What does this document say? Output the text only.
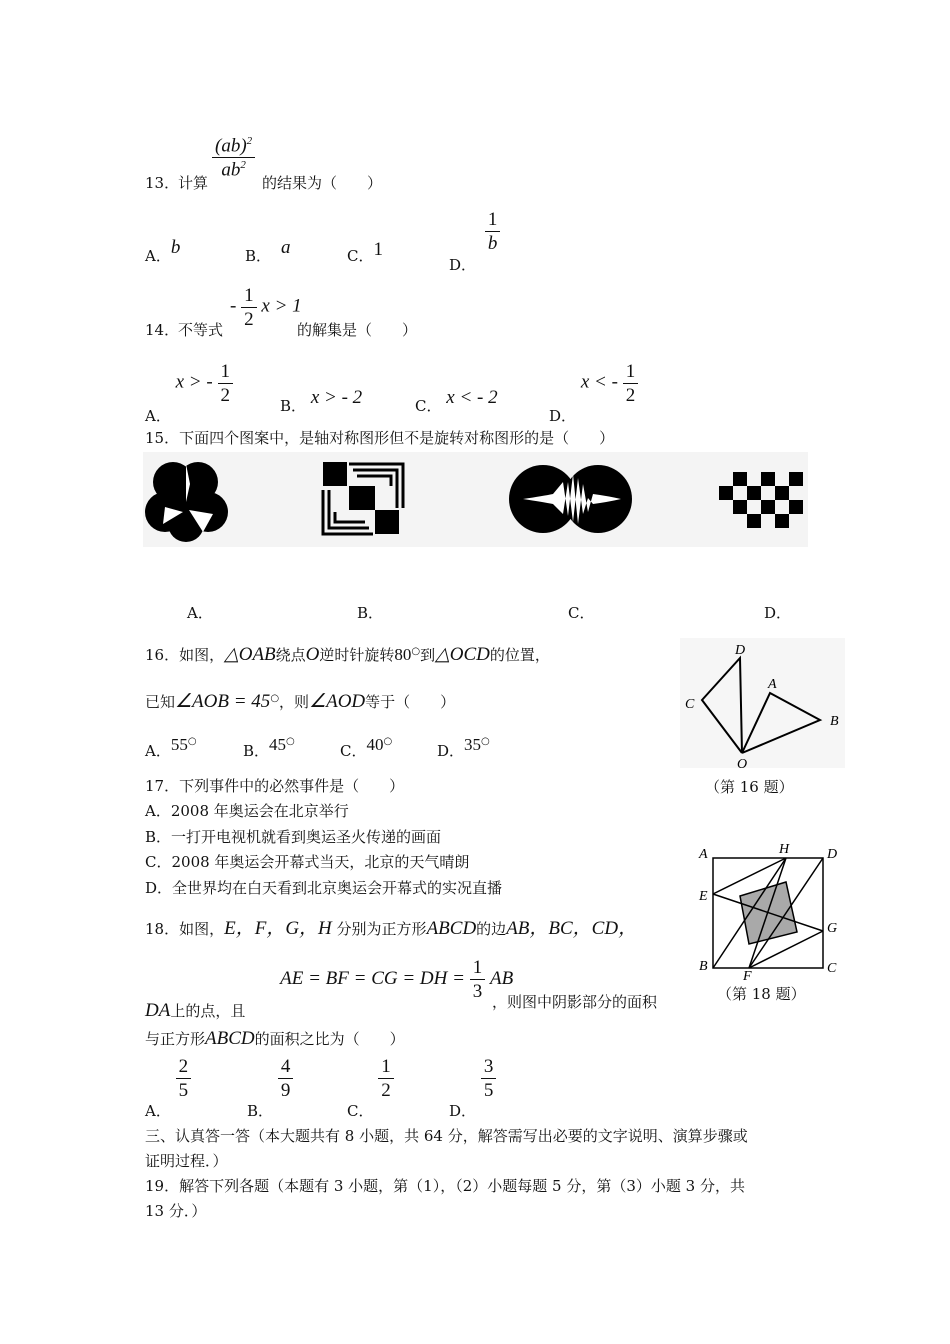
13．
计算
$\frac{(ab)^2}{ab^2}$
的结果为（　　）
A．b	B． a	C．1
D．
$\frac{1}{b}$
14．
不等式
- $\frac{1}{2}$ x > 1
的解集是（　　）
A． x > - $\frac{1}{2}$
B． x > - 2	C． x < - 2
D． x < - $\frac{1}{2}$
15．下面四个图案中，是轴对称图形但不是旋转对称图形的是（　　）
A．	B．	C．	D．
16．如图，△OAB绕点O逆时针旋转80○到△OCD的位置，
已知∠AOB = 45○，则∠AOD等于（　　）
A．55○
B．45○
C．40○
D．35○
D
C
A
B
O
（第 16 题）
17．下列事件中的必然事件是（　　）
A．2008 年奥运会在北京举行
B．一打开电视机就看到奥运圣火传递的画面
C．2008 年奥运会开幕式当天，北京的天气晴朗
D．全世界均在白天看到北京奥运会开幕式的实况直播
18．如图，E，F，G，H 分别为正方形ABCD的边AB，BC，CD，
DA上的点，且 AE = BF = CG = DH = $\frac{1}{3}$ AB
，则图中阴影部分的面积
与正方形ABCD的面积之比为（　　）
A．
$\frac{2}{5}$
B．
$\frac{4}{9}$
C．
$\frac{1}{2}$
D．
$\frac{3}{5}$
A	H	D
E
G
B
F
C
（第 18 题）
三、认真答一答（本大题共有 8 小题，共 64 分，解答需写出必要的文字说明、演算步骤或
证明过程．）
19．解答下列各题（本题有 3 小题，第（1），（2）小题每题 5 分，第（3）小题 3 分，共
13 分．）
